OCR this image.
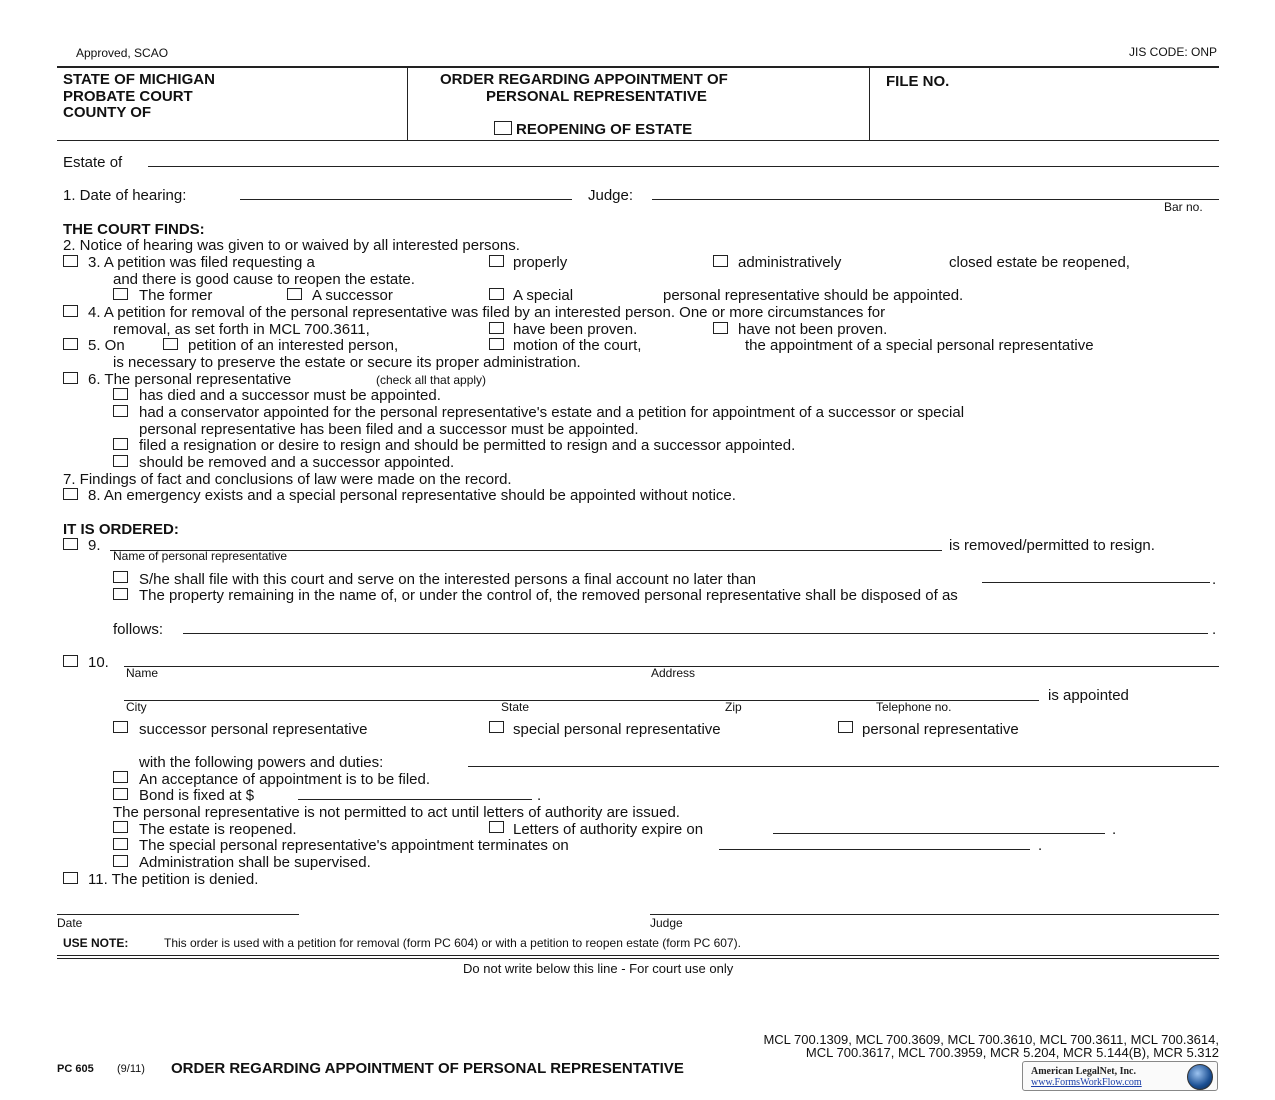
Approved, SCAO	JIS CODE: ONP
STATE OF MICHIGAN
PROBATE COURT
COUNTY OF
ORDER REGARDING APPOINTMENT OF
PERSONAL REPRESENTATIVE
REOPENING OF ESTATE
FILE NO.
Estate of
1. Date of hearing:	Judge:
Bar no.
THE COURT FINDS:
2. Notice of hearing was given to or waived by all interested persons.
3. A petition was filed requesting a	properly	administratively	closed estate be reopened,
and there is good cause to reopen the estate.
The former	A successor	A special	personal representative should be appointed.
4. A petition for removal of the personal representative was filed by an interested person. One or more circumstances for
removal, as set forth in MCL 700.3611,	have been proven.	have not been proven.
5. On	petition of an interested person,	motion of the court,	the appointment of a special personal representative
is necessary to preserve the estate or secure its proper administration.
6. The personal representative	(check all that apply)
has died and a successor must be appointed.
had a conservator appointed for the personal representative's estate and a petition for appointment of a successor or special
personal representative has been filed and a successor must be appointed.
filed a resignation or desire to resign and should be permitted to resign and a successor appointed.
should be removed and a successor appointed.
7. Findings of fact and conclusions of law were made on the record.
8. An emergency exists and a special personal representative should be appointed without notice.
IT IS ORDERED:
9.
Name of personal representative
is removed/permitted to resign.
S/he shall file with this court and serve on the interested persons a final account no later than	.
The property remaining in the name of, or under the control of, the removed personal representative shall be disposed of as
follows:	.
10.
Name	Address
City	State	Zip	Telephone no.
is appointed
successor personal representative	special personal representative	personal representative
with the following powers and duties:
An acceptance of appointment is to be filed.
Bond is fixed at $	.
The personal representative is not permitted to act until letters of authority are issued.
The estate is reopened.	Letters of authority expire on	.
The special personal representative's appointment terminates on	.
Administration shall be supervised.
11. The petition is denied.
Date	Judge
USE NOTE:	This order is used with a petition for removal (form PC 604) or with a petition to reopen estate (form PC 607).
Do not write below this line - For court use only
MCL 700.1309, MCL 700.3609, MCL 700.3610, MCL 700.3611, MCL 700.3614,
MCL 700.3617, MCL 700.3959, MCR 5.204, MCR 5.144(B), MCR 5.312
PC 605 (9/11) ORDER REGARDING APPOINTMENT OF PERSONAL REPRESENTATIVE	American LegalNet, Inc.
www.FormsWorkFlow.com
